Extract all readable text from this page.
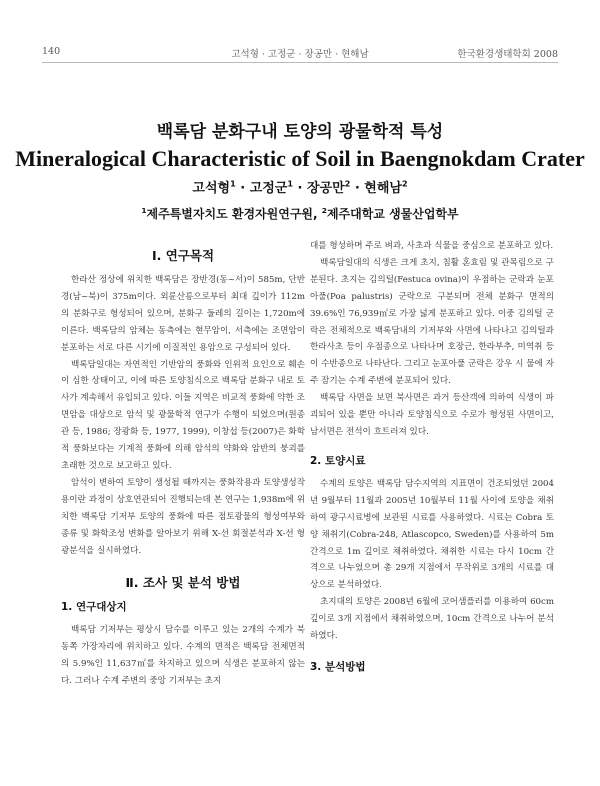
140	고석형 · 고정군 · 장공만 · 현해남	한국환경생태학회 2008
백록담 분화구내 토양의 광물학적 특성
Mineralogical Characteristic of Soil in Baengnokdam Crater
고석형$^1$ · 고정군$^1$ · 장공만$^2$ · 현해남$^2$
$^1$제주특별자치도 환경자원연구원, $^2$제주대학교 생물산업학부
Ⅰ. 연구목적

한라산 정상에 위치한 백록담은 장반경(동~서)이 585m, 단반경(남~북)이 375m이다. 외륜산릉으로부터 최대 깊이가 112m의 분화구로 형성되어 있으며, 분화구 둘레의 길이는 1,720m에 이른다. 백록담의 암체는 동측에는 현무암이, 서측에는 조면암이 분포하는 서로 다른 시기에 이질적인 용암으로 구성되어 있다.

백록담일대는 자연적인 기반암의 풍화와 인위적 요인으로 훼손이 심한 상태이고, 이에 따른 토양침식으로 백록담 분화구 내로 토사가 계속해서 유입되고 있다. 이들 지역은 비교적 풍화에 약한 조면암을 대상으로 암석 및 광물학적 연구가 수행이 되었으며(원종관 등, 1986; 장광화 등, 1977, 1999), 이창섭 등(2007)은 화학적 풍화보다는 기계적 풍화에 의해 암석의 약화와 암반의 붕괴를 초래한 것으로 보고하고 있다.

암석이 변하여 토양이 생성될 때까지는 풍화작용과 토양생성작용이란 과정이 상호연관되어 진행되는데 본 연구는 1,938m에 위치한 백록담 기저부 토양의 풍화에 따른 점토광물의 형성여부와 종류 및 화학조성 변화를 알아보기 위해 X-선 회절분석과 X-선 형광분석을 실시하였다.

Ⅱ. 조사 및 분석 방법
1. 연구대상지

백록담 기저부는 평상시 담수를 이루고 있는 2개의 수계가 북동쪽 가장자리에 위치하고 있다. 수계의 면적은 백록담 전체면적의 5.9%인 11,637㎡를 차지하고 있으며 식생은 분포하지 않는다. 그러나 수계 주변의 중앙 기저부는 초지

대를 형성하며 주로 벼과, 사초과 식물을 중심으로 분포하고 있다.

백록담일대의 식생은 크게 초지, 침활 혼효림 및 관목림으로 구분된다. 초지는 김의털(Festuca ovina)이 우점하는 군락과 눈포아풀(Poa palustris) 군락으로 구분되며 전체 분화구 면적의 39.6%인 76,939㎡로 가장 넓게 분포하고 있다. 이중 김의털 군락은 전체적으로 백록담내의 기저부와 사면에 나타나고 김의털과 한라사초 등이 우점종으로 나타나며 호장근, 한라부추, 미역취 등이 수반종으로 나타난다. 그리고 눈포아풀 군락은 강우 시 물에 자주 잠기는 수계 주변에 분포되어 있다.

백록담 사면을 보면 북사면은 과거 등산객에 의하여 식생이 파괴되어 있을 뿐만 아니라 토양침식으로 수로가 형성된 사면이고, 남서면은 전석이 흐트러져 있다.

2. 토양시료

수계의 토양은 백록담 담수지역의 지표면이 건조되었던 2004년 9월부터 11월과 2005년 10월부터 11월 사이에 토양을 채취하여 광구시료병에 보관된 시료를 사용하였다. 시료는 Cobra 토양 채취기(Cobra-248, Atlascopco, Sweden)를 사용하여 5m 간격으로 1m 깊이로 채취하였다. 채취한 시료는 다시 10cm 간격으로 나누었으며 총 29개 지점에서 무작위로 3개의 시료를 대상으로 분석하였다.

초지대의 토양은 2008년 6월에 코어샘플러를 이용하여 60cm 깊이로 3개 지점에서 채취하였으며, 10cm 간격으로 나누어 분석하였다.

3. 분석방법
